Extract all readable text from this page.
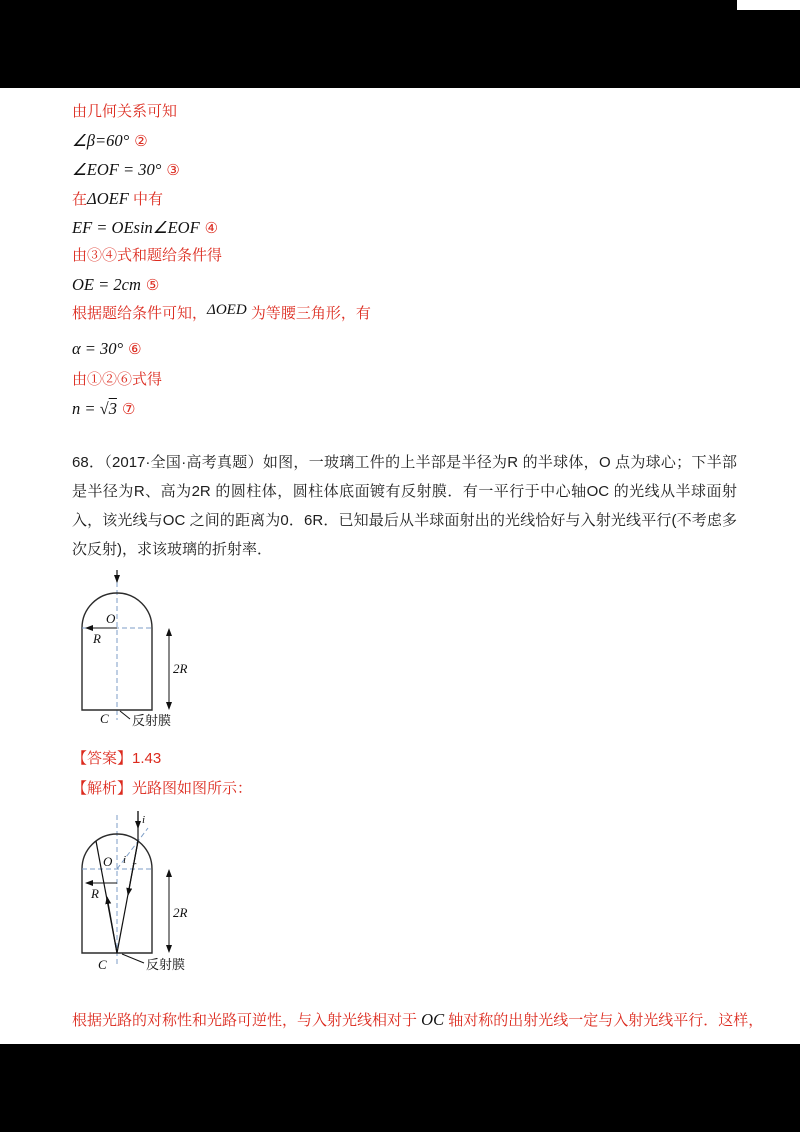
由几何关系可知
∠β=60° ②
∠EOF = 30° ③
在ΔOEF 中有
EF = OEsin∠EOF ④
由③④式和题给条件得
OE = 2cm ⑤
根据题给条件可知，ΔOED 为等腰三角形，有
α = 30° ⑥
由①②⑥式得
n = √3 ⑦
68．（2017·全国·高考真题）如图，一玻璃工件的上半部是半径为R 的半球体，O 点为球心；下半部是半径为R、高为2R 的圆柱体，圆柱体底面镀有反射膜．有一平行于中心轴OC 的光线从半球面射入，该光线与OC 之间的距离为0．6R．已知最后从半球面射出的光线恰好与入射光线平行(不考虑多次反射)，求该玻璃的折射率．
O
R
2R
C 反射膜
【答案】1.43
【解析】光路图如图所示：
i
O i r
R
2R
C	反射膜
根据光路的对称性和光路可逆性，与入射光线相对于 OC 轴对称的出射光线一定与入射光线平行．这样，
